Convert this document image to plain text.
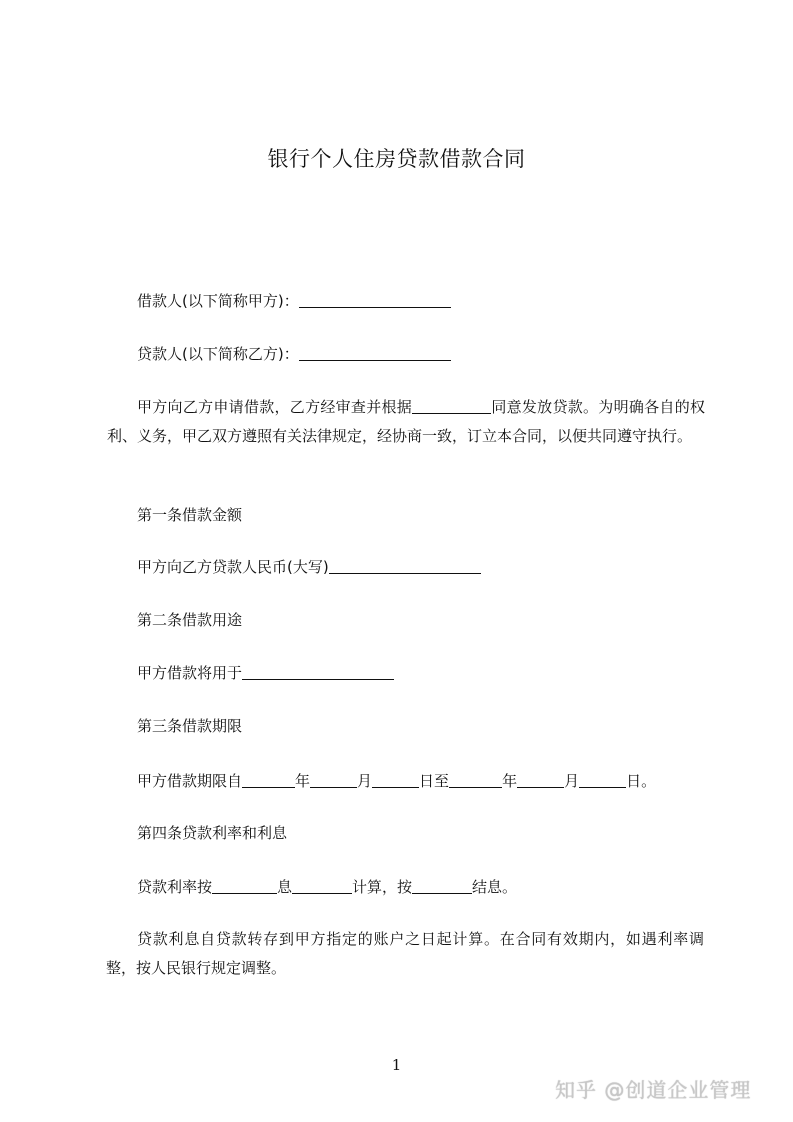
银行个人住房贷款借款合同
借款人(以下简称甲方)：
贷款人(以下简称乙方)：

甲方向乙方申请借款，乙方经审查并根据	同意发放贷款。为明确各自的权利、义务，甲乙双方遵照有关法律规定，经协商一致，订立本合同，以便共同遵守执行。

第一条借款金额
甲方向乙方贷款人民币(大写)
第二条借款用途
甲方借款将用于
第三条借款期限
甲方借款期限自	年	月	日至	年	月	日。
第四条贷款利率和利息
贷款利率按	息	计算，按	结息。

贷款利息自贷款转存到甲方指定的账户之日起计算。在合同有效期内，如遇利率调整，按人民银行规定调整。

1
知乎 @创道企业管理
